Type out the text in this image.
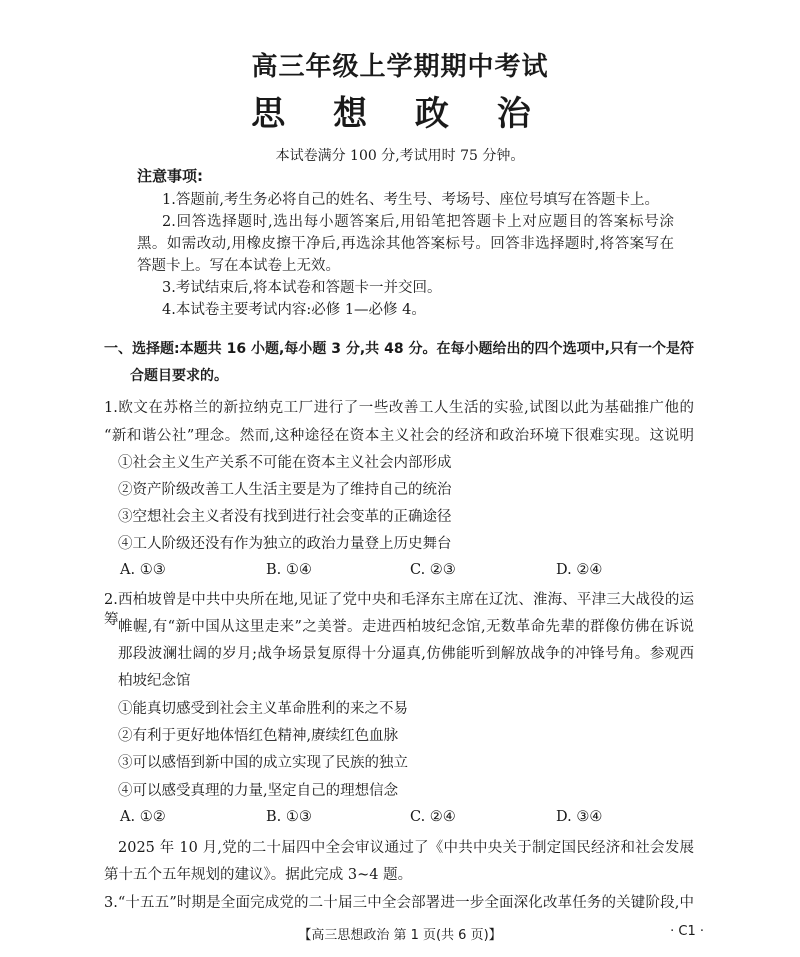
高三年级上学期期中考试
思 想 政 治
本试卷满分 100 分,考试用时 75 分钟。
注意事项:
1.答题前,考生务必将自己的姓名、考生号、考场号、座位号填写在答题卡上。
2.回答选择题时,选出每小题答案后,用铅笔把答题卡上对应题目的答案标号涂
黑。如需改动,用橡皮擦干净后,再选涂其他答案标号。回答非选择题时,将答案写在
答题卡上。写在本试卷上无效。
3.考试结束后,将本试卷和答题卡一并交回。
4.本试卷主要考试内容:必修 1—必修 4。
一、选择题:本题共 16 小题,每小题 3 分,共 48 分。在每小题给出的四个选项中,只有一个是符
合题目要求的。
1.欧文在苏格兰的新拉纳克工厂进行了一些改善工人生活的实验,试图以此为基础推广他的
“新和谐公社”理念。然而,这种途径在资本主义社会的经济和政治环境下很难实现。这说明
①社会主义生产关系不可能在资本主义社会内部形成
②资产阶级改善工人生活主要是为了维持自己的统治
③空想社会主义者没有找到进行社会变革的正确途径
④工人阶级还没有作为独立的政治力量登上历史舞台
A. ①③	B. ①④	C. ②③	D. ②④
2.西柏坡曾是中共中央所在地,见证了党中央和毛泽东主席在辽沈、淮海、平津三大战役的运筹 帷幄,有“新中国从这里走来”之美誉。走进西柏坡纪念馆,无数革命先辈的群像仿佛在诉说
那段波澜壮阔的岁月;战争场景复原得十分逼真,仿佛能听到解放战争的冲锋号角。参观西
柏坡纪念馆
①能真切感受到社会主义革命胜利的来之不易
②有利于更好地体悟红色精神,赓续红色血脉
③可以感悟到新中国的成立实现了民族的独立
④可以感受真理的力量,坚定自己的理想信念
A. ①②	B. ①③	C. ②④	D. ③④
2025 年 10 月,党的二十届四中全会审议通过了《中共中央关于制定国民经济和社会发展
第十五个五年规划的建议》。据此完成 3~4 题。
3.“十五五”时期是全面完成党的二十届三中全会部署进一步全面深化改革任务的关键阶段,中
【高三思想政治 第 1 页(共 6 页)】	· C1 ·
